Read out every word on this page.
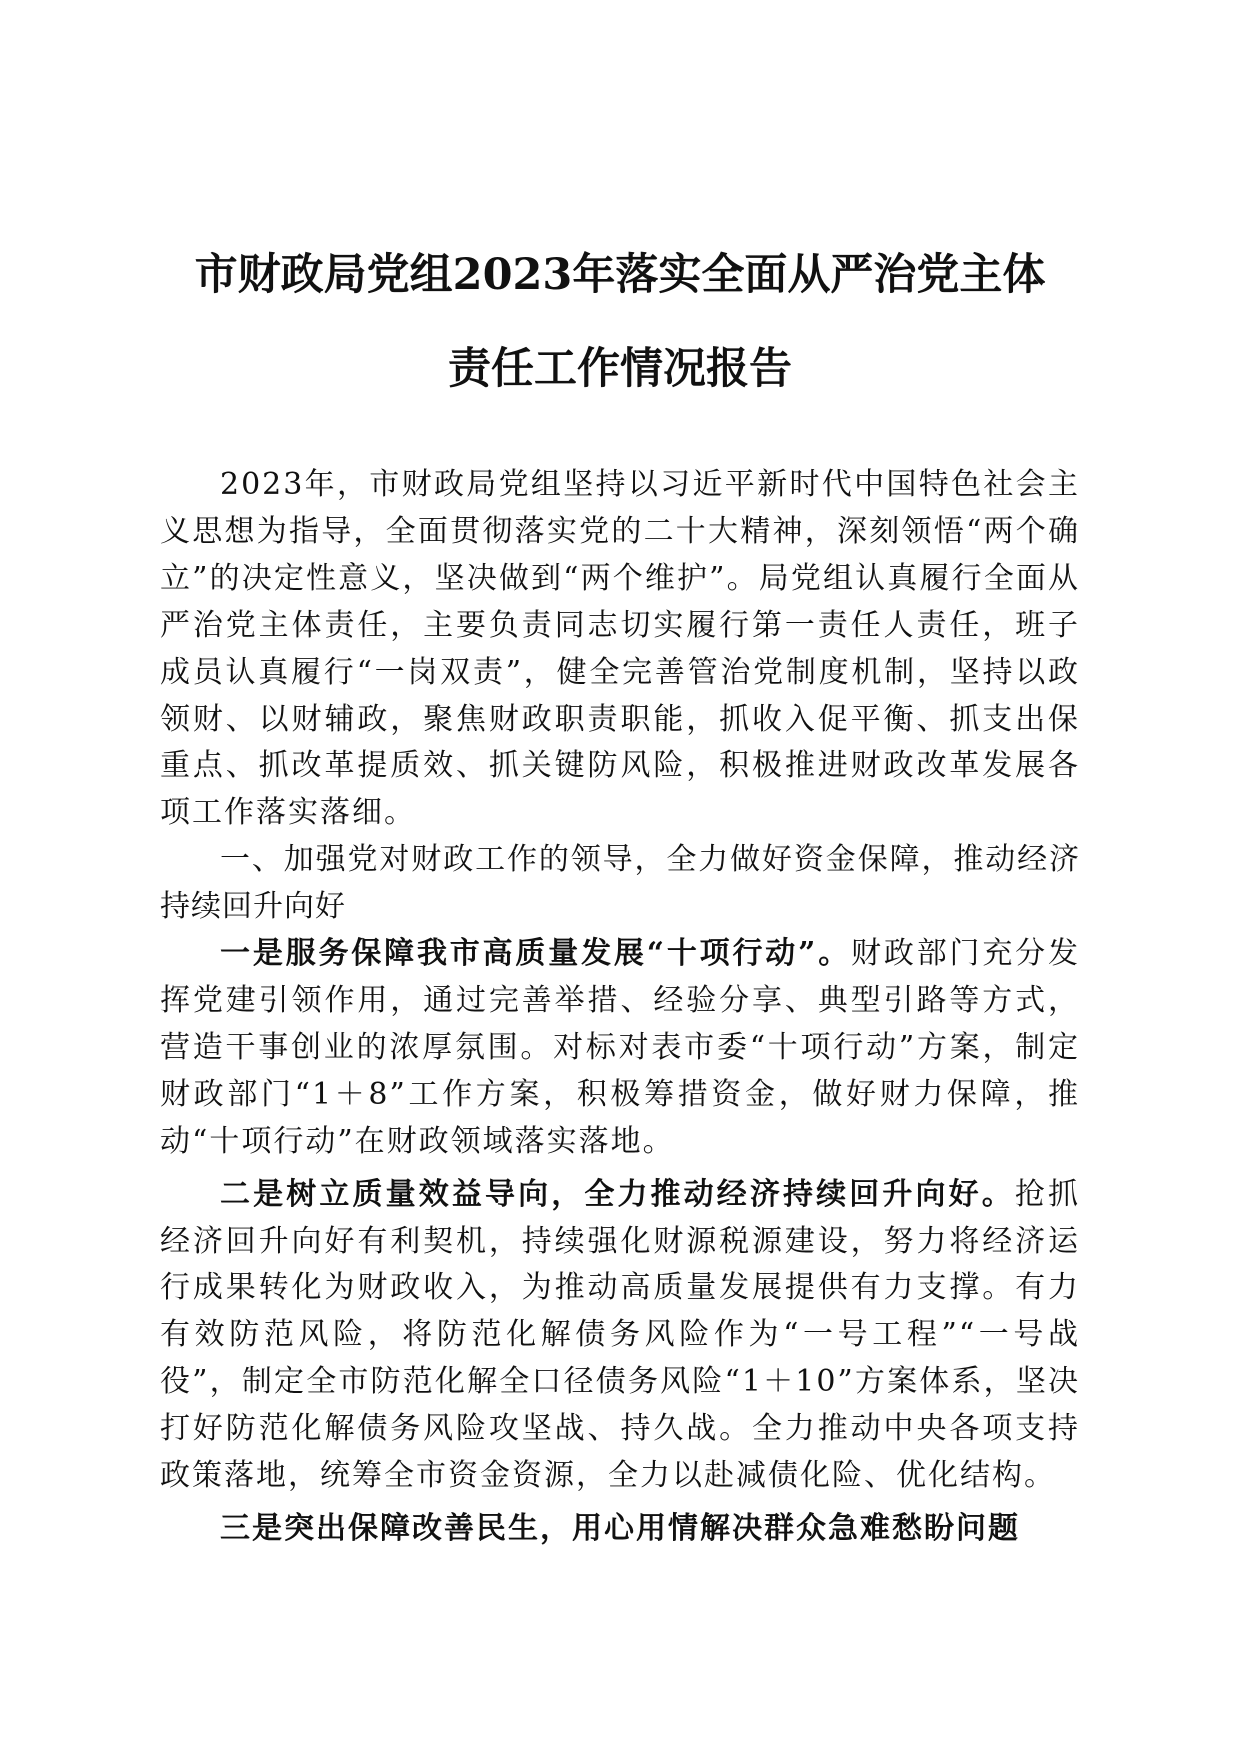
市财政局党组2023年落实全面从严治党主体
责任工作情况报告

2023年，市财政局党组坚持以习近平新时代中国特色社会主义思想为指导，全面贯彻落实党的二十大精神，深刻领悟“两个确立”的决定性意义，坚决做到“两个维护”。局党组认真履行全面从严治党主体责任，主要负责同志切实履行第一责任人责任，班子成员认真履行“一岗双责”，健全完善管治党制度机制，坚持以政领财、以财辅政，聚焦财政职责职能，抓收入促平衡、抓支出保重点、抓改革提质效、抓关键防风险，积极推进财政改革发展各项工作落实落细。

一、加强党对财政工作的领导，全力做好资金保障，推动经济持续回升向好

一是服务保障我市高质量发展“十项行动”。财政部门充分发挥党建引领作用，通过完善举措、经验分享、典型引路等方式，营造干事创业的浓厚氛围。对标对表市委“十项行动”方案，制定财政部门“1＋8”工作方案，积极筹措资金，做好财力保障，推动“十项行动”在财政领域落实落地。

二是树立质量效益导向，全力推动经济持续回升向好。抢抓经济回升向好有利契机，持续强化财源税源建设，努力将经济运行成果转化为财政收入，为推动高质量发展提供有力支撑。有力有效防范风险，将防范化解债务风险作为“一号工程”“一号战役”，制定全市防范化解全口径债务风险“1＋10”方案体系，坚决打好防范化解债务风险攻坚战、持久战。全力推动中央各项支持政策落地，统筹全市资金资源，全力以赴减债化险、优化结构。

三是突出保障改善民生，用心用情解决群众急难愁盼问题
